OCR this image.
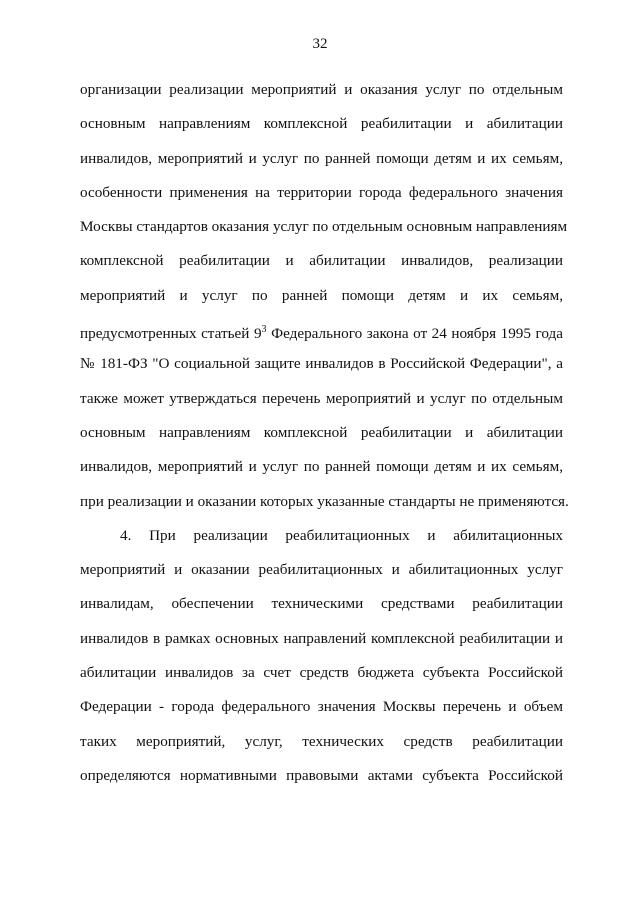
32
организации реализации мероприятий и оказания услуг по отдельным
основным направлениям комплексной реабилитации и абилитации
инвалидов, мероприятий и услуг по ранней помощи детям и их семьям,
особенности применения на территории города федерального значения
Москвы стандартов оказания услуг по отдельным основным направлениям
комплексной реабилитации и абилитации инвалидов, реализации
мероприятий и услуг по ранней помощи детям и их семьям,
предусмотренных статьей $9^3$ Федерального закона от 24 ноября 1995 года
№ 181-ФЗ "О социальной защите инвалидов в Российской Федерации", а
также может утверждаться перечень мероприятий и услуг по отдельным
основным направлениям комплексной реабилитации и абилитации
инвалидов, мероприятий и услуг по ранней помощи детям и их семьям,
при реализации и оказании которых указанные стандарты не применяются.
4. При реализации реабилитационных и абилитационных
мероприятий и оказании реабилитационных и абилитационных услуг
инвалидам, обеспечении техническими средствами реабилитации
инвалидов в рамках основных направлений комплексной реабилитации и
абилитации инвалидов за счет средств бюджета субъекта Российской
Федерации - города федерального значения Москвы перечень и объем
таких мероприятий, услуг, технических средств реабилитации
определяются нормативными правовыми актами субъекта Российской
